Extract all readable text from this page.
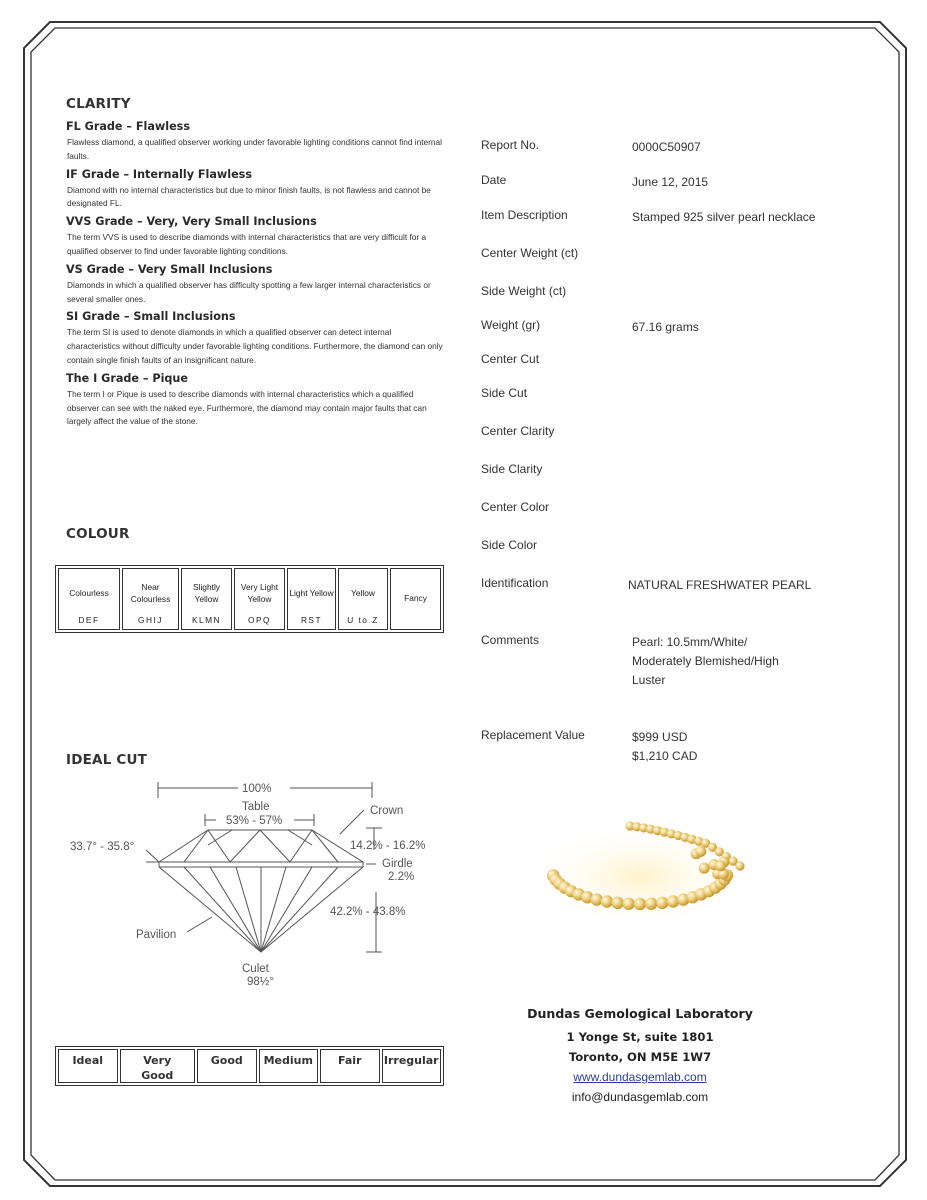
CLARITY
FL Grade – Flawless
Flawless diamond, a qualified observer working under favorable lighting conditions cannot find internal faults.
IF Grade – Internally Flawless
Diamond with no internal characteristics but due to minor finish faults, is not flawless and cannot be designated FL.
VVS Grade – Very, Very Small Inclusions
The term VVS is used to describe diamonds with internal characteristics that are very difficult for a qualified observer to find under favorable lighting conditions.
VS Grade – Very Small Inclusions
Diamonds in which a qualified observer has difficulty spotting a few larger internal characteristics or several smaller ones.
SI Grade – Small Inclusions
The term SI is used to denote diamonds in which a qualified observer can detect internal characteristics without difficulty under favorable lighting conditions. Furthermore, the diamond can only contain single finish faults of an insignificant nature.
The I Grade – Pique
The term I or Pique is used to describe diamonds with internal characteristics which a qualified observer can see with the naked eye. Furthermore, the diamond may contain major faults that can largely affect the value of the stone.
COLOUR
Colourless
DEF
Near Colourless
GHIJ
Slightly Yellow
KLMN
Very Light Yellow
OPQ
Light Yellow
RST
Yellow
U to Z
Fancy
IDEAL CUT
100%
Table
53% - 57%
Crown
33.7° - 35.8°	14.2% - 16.2%
Girdle
2.2%
42.2% - 43.8%
Pavilion
Culet
98½°
Ideal	Very Good
Good	Medium	Fair	Irregular
Report No.	0000C50907
Date	June 12, 2015
Item Description	Stamped 925 silver pearl necklace
Center Weight (ct)
Side Weight (ct)
Weight (gr)	67.16 grams
Center Cut
Side Cut
Center Clarity
Side Clarity
Center Color
Side Color
Identification	NATURAL FRESHWATER PEARL
Comments	Pearl: 10.5mm/White/
Moderately Blemished/High
Luster
Replacement Value	$999 USD
$1,210 CAD
Dundas Gemological Laboratory
1 Yonge St, suite 1801
Toronto, ON M5E 1W7
www.dundasgemlab.com
info@dundasgemlab.com
